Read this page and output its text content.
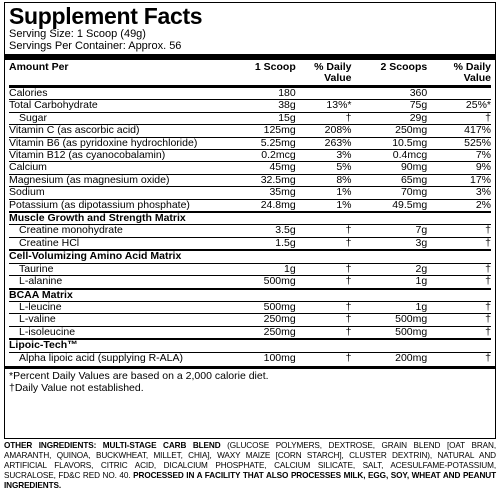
Supplement Facts
Serving Size: 1 Scoop (49g)
Servings Per Container: Approx. 56
Amount Per	1 Scoop	% Daily
Value	2 Scoops	% Daily
Value
Calories	180		360	
Total Carbohydrate	38g	13%*	75g	25%*
Sugar	15g	†	29g	†
Vitamin C (as ascorbic acid)	125mg	208%	250mg	417%
Vitamin B6 (as pyridoxine hydrochloride)	5.25mg	263%	10.5mg	525%
Vitamin B12 (as cyanocobalamin)	0.2mcg	3%	0.4mcg	7%
Calcium	45mg	5%	90mg	9%
Magnesium (as magnesium oxide)	32.5mg	8%	65mg	17%
Sodium	35mg	1%	70mg	3%
Potassium (as dipotassium phosphate)	24.8mg	1%	49.5mg	2%
Muscle Growth and Strength Matrix				
Creatine monohydrate	3.5g	†	7g	†
Creatine HCl	1.5g	†	3g	†
Cell-Volumizing Amino Acid Matrix				
Taurine	1g	†	2g	†
L-alanine	500mg	†	1g	†
BCAA Matrix				
L-leucine	500mg	†	1g	†
L-valine	250mg	†	500mg	†
L-isoleucine	250mg	†	500mg	†
Lipoic-Tech™				
Alpha lipoic acid (supplying R-ALA)	100mg	†	200mg	†
*Percent Daily Values are based on a 2,000 calorie diet.
†Daily Value not established.
OTHER INGREDIENTS: MULTI-STAGE CARB BLEND (GLUCOSE POLYMERS, DEXTROSE, GRAIN BLEND [OAT BRAN, AMARANTH, QUINOA, BUCKWHEAT, MILLET, CHIA], WAXY MAIZE [CORN STARCH], CLUSTER DEXTRIN), NATURAL AND ARTIFICIAL FLAVORS, CITRIC ACID, DICALCIUM PHOSPHATE, CALCIUM SILICATE, SALT, ACESULFAME-POTASSIUM, SUCRALOSE, FD&C RED NO. 40. PROCESSED IN A FACILITY THAT ALSO PROCESSES MILK, EGG, SOY, WHEAT AND PEANUT INGREDIENTS.
